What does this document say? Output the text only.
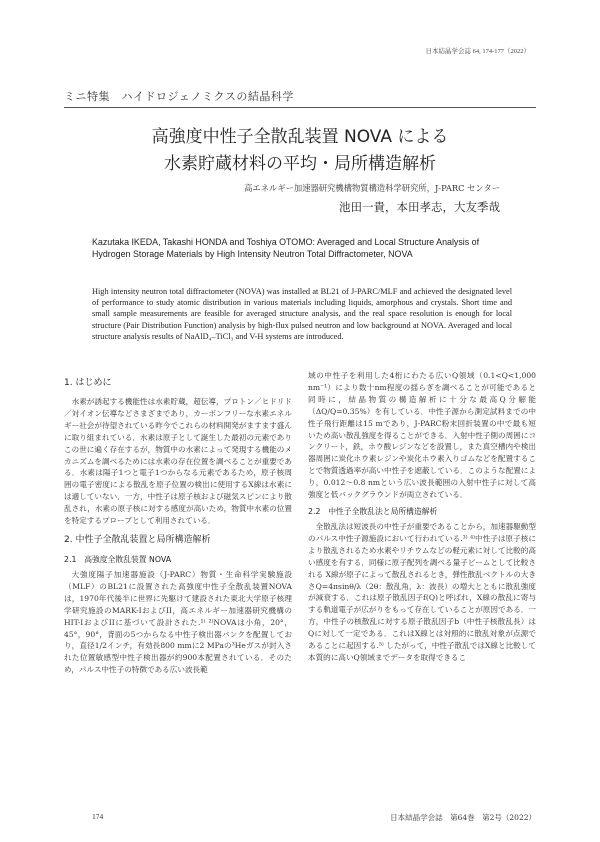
日本結晶学会誌 64, 174-177（2022）
ミニ特集　ハイドロジェノミクスの結晶科学
高強度中性子全散乱装置 NOVA による
水素貯蔵材料の平均・局所構造解析
高エネルギー加速器研究機構物質構造科学研究所，J-PARC センター
池田一貴，本田孝志，大友季哉
Kazutaka IKEDA, Takashi HONDA and Toshiya OTOMO: Averaged and Local Structure Analysis of Hydrogen Storage Materials by High Intensity Neutron Total Diffractometer, NOVA
High intensity neutron total diffractometer (NOVA) was installed at BL21 of J-PARC/MLF and achieved the designated level of performance to study atomic distribution in various materials including liquids, amorphous and crystals. Short time and small sample measurements are feasible for averaged structure analysis, and the real space resolution is enough for local structure (Pair Distribution Function) analysis by high-flux pulsed neutron and low background at NOVA. Averaged and local structure analysis results of NaAlD₄–TiCl₃ and V-H systems are introduced.
1. はじめに

水素が誘起する機能性は水素貯蔵，超伝導，プロトン／ヒドリド／対イオン伝導などさまざまであり，カーボンフリーな水素エネルギー社会が待望されている昨今でこれらの材料開発がますます盛んに取り組まれている．水素は原子として誕生した最初の元素でありこの世に遍く存在するが，物質中の水素によって発現する機能のメカニズムを調べるためには水素の存在位置を調べることが重要である．水素は陽子1つと電子1つからなる元素であるため，原子核周囲の電子密度による散乱を原子位置の検出に使用するX線は水素には適していない．一方，中性子は原子核および磁気スピンにより散乱され，水素の原子核に対する感度が高いため，物質中水素の位置を特定するプローブとして利用されている．

2. 中性子全散乱装置と局所構造解析
2.1　高強度全散乱装置 NOVA

大強度陽子加速器施設（J-PARC）物質・生命科学実験施設（MLF）のBL21に設置された高強度中性子全散乱装置NOVAは，1970年代後半に世界に先駆けて建設された東北大学原子核理学研究施設のMARK-IおよびII，高エネルギー加速器研究機構のHIT-IおよびIIに基づいて設計された.¹⁾ ²⁾NOVAは小角，20°，45°，90°，背面の5つからなる中性子検出器バンクを配置しており，直径1/2インチ，有効長800 mmに2 MPaの³Heガスが封入された位置敏感型中性子検出器が約900本配置されている．そのため，パルス中性子の特徴である広い波長範

域の中性子を利用した4桁にわたる広いQ領域（0.1<Q<1,000 nm⁻¹）により数十nm程度の揺らぎを調べることが可能であると同時に，結晶物質の構造解析に十分な最高Q分解能（ΔQ/Q=0.35%）を有している．中性子源から測定試料までの中性子飛行距離は15 mであり，J-PARC粉末回折装置の中で最も短いため高い散乱強度を得ることができる．入射中性子側の周囲にコンクリート，鉄，ホウ酸レジンなどを設置し，また真空槽内や検出器周囲に炭化ホウ素レジンや炭化ホウ素入りゴムなどを配置することで物質透過率が高い中性子を遮蔽している．このような配置により，0.012〜0.8 nmという広い波長範囲の入射中性子に対して高強度と低バックグラウンドが両立されている．

2.2　中性子全散乱法と局所構造解析

全散乱法は短波長の中性子が重要であることから，加速器駆動型のパルス中性子源施設において行われている.³⁾ ⁴⁾中性子は原子核により散乱されるため水素やリチウムなどの軽元素に対して比較的高い感度を有する．同様に原子配列を調べる量子ビームとして比較される X線が原子によって散乱されるとき，弾性散乱ベクトルの大きさQ=4πsinθ/λ（2θ：散乱角，λ：波長）の増大とともに散乱強度が減衰する．これは原子散乱因子f(Q)と呼ばれ，X線の散乱に寄与する軌道電子が広がりをもって存在していることが原因である．一方，中性子の核散乱に対する原子散乱因子b（中性子核散乱長）はQに対して一定である．これはX線とは対照的に散乱対象が点源であることに起因する.⁵⁾ したがって，中性子散乱ではX線と比較して本質的に高いQ領域までデータを取得できるこ

174	日本結晶学会誌　第64巻　第2号（2022）
